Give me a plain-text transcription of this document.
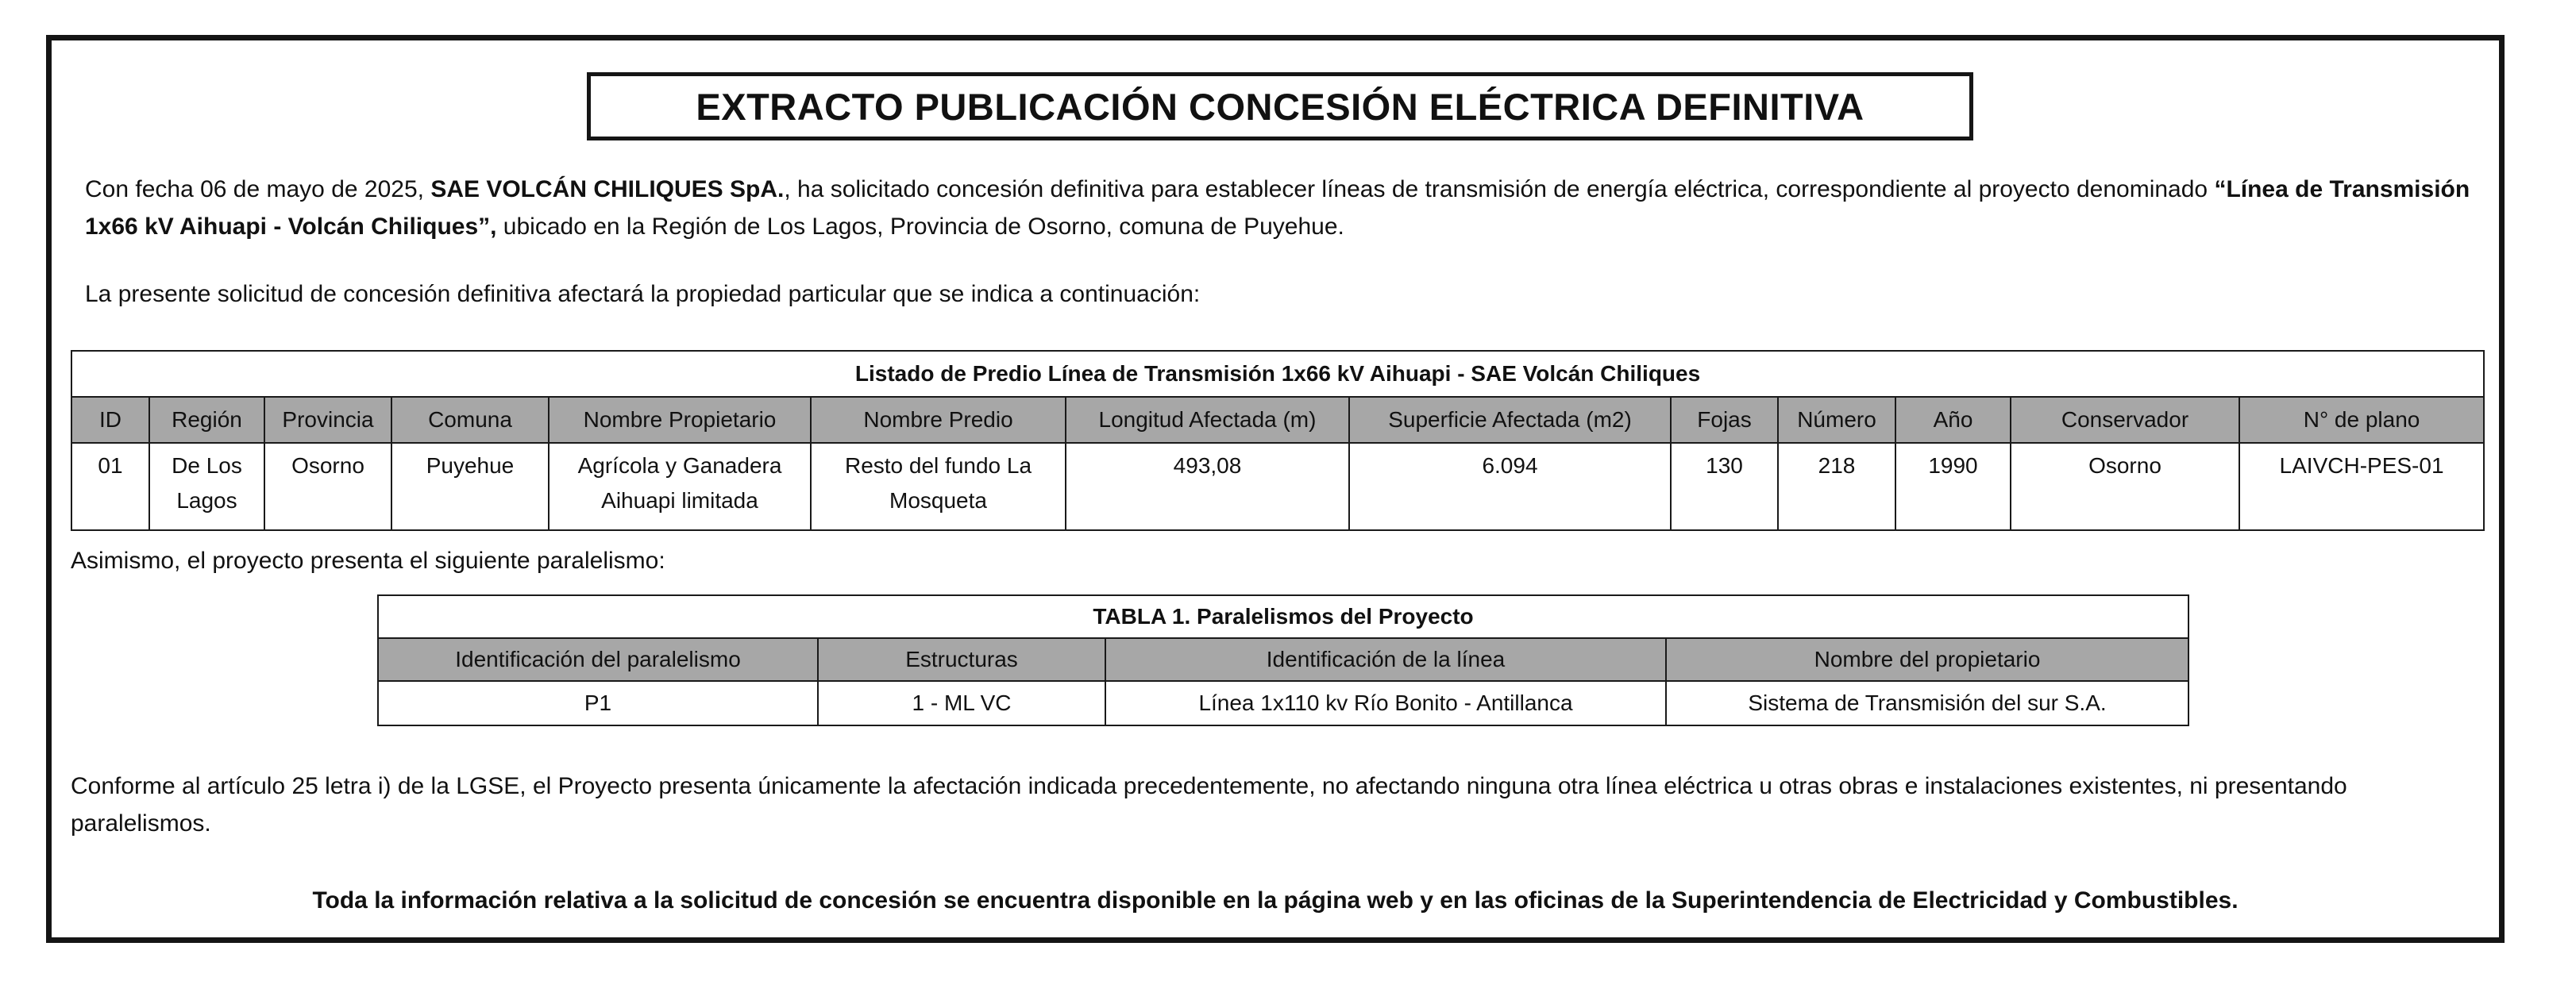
EXTRACTO PUBLICACIÓN CONCESIÓN ELÉCTRICA DEFINITIVA
Con fecha 06 de mayo de 2025, SAE VOLCÁN CHILIQUES SpA., ha solicitado concesión definitiva para establecer líneas de transmisión de energía eléctrica, correspondiente al proyecto denominado “Línea de Transmisión 1x66 kV Aihuapi - Volcán Chiliques”, ubicado en la Región de Los Lagos, Provincia de Osorno, comuna de Puyehue.
La presente solicitud de concesión definitiva afectará la propiedad particular que se indica a continuación:
Listado de Predio Línea de Transmisión 1x66 kV Aihuapi - SAE Volcán Chiliques												
ID	Región	Provincia	Comuna	Nombre Propietario	Nombre Predio	Longitud Afectada (m)	Superficie Afectada (m2)	Fojas	Número	Año	Conservador	N° de plano
01	De Los Lagos	Osorno	Puyehue	Agrícola y Ganadera Aihuapi limitada	Resto del fundo La Mosqueta	493,08	6.094	130	218	1990	Osorno	LAIVCH-PES-01
Asimismo, el proyecto presenta el siguiente paralelismo:
TABLA 1. Paralelismos del Proyecto			
Identificación del paralelismo	Estructuras	Identificación de la línea	Nombre del propietario
P1	1 - ML VC	Línea 1x110 kv Río Bonito - Antillanca	Sistema de Transmisión del sur S.A.
Conforme al artículo 25 letra i) de la LGSE, el Proyecto presenta únicamente la afectación indicada precedentemente, no afectando ninguna otra línea eléctrica u otras obras e instalaciones existentes, ni presentando paralelismos.
Toda la información relativa a la solicitud de concesión se encuentra disponible en la página web y en las oficinas de la Superintendencia de Electricidad y Combustibles.
